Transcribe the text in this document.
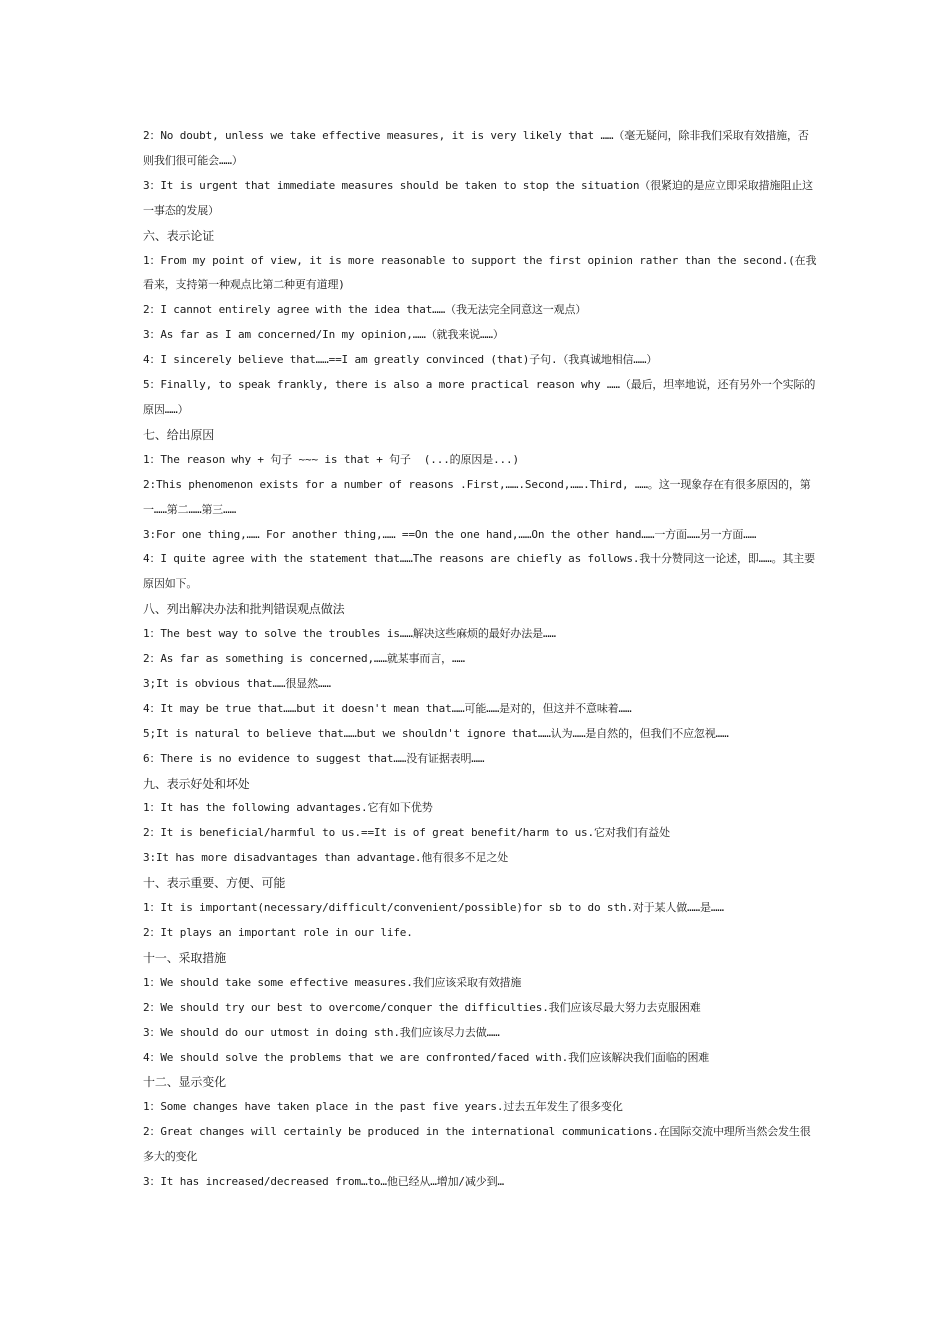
2：No doubt, unless we take effective measures, it is very likely that ……（毫无疑问，除非我们采取有效措施，否则我们很可能会……）
3：It is urgent that immediate measures should be taken to stop the situation（很紧迫的是应立即采取措施阻止这一事态的发展）
六、表示论证
1：From my point of view, it is more reasonable to support the first opinion rather than the second.(在我看来，支持第一种观点比第二种更有道理)
2：I cannot entirely agree with the idea that……（我无法完全同意这一观点）
3：As far as I am concerned/In my opinion,……（就我来说……）
4：I sincerely believe that……==I am greatly convinced (that)子句.（我真诚地相信……）
5：Finally, to speak frankly, there is also a more practical reason why ……（最后，坦率地说，还有另外一个实际的原因……）
七、给出原因
1：The reason why + 句子 ~~~ is that + 句子  (...的原因是...)
2:This phenomenon exists for a number of reasons .First,…….Second,…….Third, ……。这一现象存在有很多原因的，第一……第二……第三……
3:For one thing,…… For another thing,…… ==On the one hand,……On the other hand……一方面……另一方面……
4：I quite agree with the statement that……The reasons are chiefly as follows.我十分赞同这一论述，即……。其主要原因如下。
八、列出解决办法和批判错误观点做法
1：The best way to solve the troubles is……解决这些麻烦的最好办法是……
2：As far as something is concerned,……就某事而言，……
3;It is obvious that……很显然……
4：It may be true that……but it doesn't mean that……可能……是对的，但这并不意味着……
5;It is natural to believe that……but we shouldn't ignore that……认为……是自然的，但我们不应忽视……
6：There is no evidence to suggest that……没有证据表明……
九、表示好处和坏处
1：It has the following advantages.它有如下优势
2：It is beneficial/harmful to us.==It is of great benefit/harm to us.它对我们有益处
3:It has more disadvantages than advantage.他有很多不足之处
十、表示重要、方便、可能
1：It is important(necessary/difficult/convenient/possible)for sb to do sth.对于某人做……是……
2：It plays an important role in our life.
十一、采取措施
1：We should take some effective measures.我们应该采取有效措施
2：We should try our best to overcome/conquer the difficulties.我们应该尽最大努力去克服困难
3：We should do our utmost in doing sth.我们应该尽力去做……
4：We should solve the problems that we are confronted/faced with.我们应该解决我们面临的困难
十二、显示变化
1：Some changes have taken place in the past five years.过去五年发生了很多变化
2：Great changes will certainly be produced in the international communications.在国际交流中理所当然会发生很多大的变化
3：It has increased/decreased from…to…他已经从…增加/减少到…
